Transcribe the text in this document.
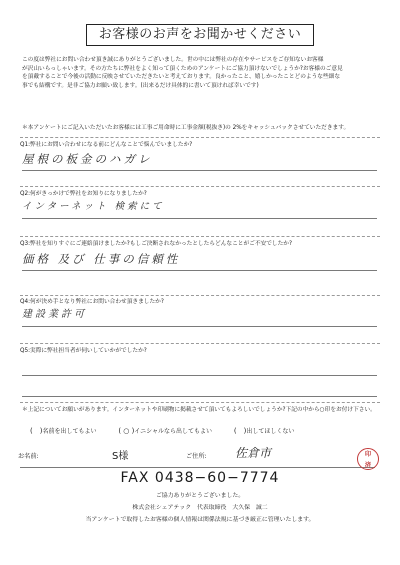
お客様のお声をお聞かせください

この度は弊社にお問い合わせ頂き誠にありがとうございました。世の中には弊社の存在やサービスをご存知ないお客様

が沢山いらっしゃいます。その方たちに弊社をよく知って頂くためのアンケートにご協力頂けないでしょうか?お客様のご意見

を頂戴することで今後の活動に反映させていただきたいと考えております。良かったこと、嬉しかったことどのような些細な

事でも結構です。是非ご協力お願い致します。(出来るだけ具体的に書いて頂ければ幸いです)

＊本アンケートにご記入いただいたお客様には工事ご用命時に工事金額(税抜き)の 2%をキャッシュバックさせていただきます。
Q1:弊社にお問い合わせになる前にどんなことで悩んでいましたか?
屋根の板金のハガレ
Q2:何がきっかけで弊社をお知りになりましたか?
インターネット 検索にて
Q3:弊社を知りすぐにご連絡頂けましたか?もしご決断されなかったとしたらどんなことがご不安でしたか?
価格 及び 仕事の信頼性
Q4:何が決め手となり弊社にお問い合わせ頂きましたか?
建設業許可
Q5:実際に弊社担当者が伺いしていかがでしたか?
＊上記についてお願いがあります。インターネットや印刷物に掲載させて頂いてもよろしいでしょうか?下記の中から○印をお付け下さい。
(　)名前を出してもよい	( ○ )イニシャルなら出してもよい	(　)出してほしくない
お名前:	S様	ご住所: 佐倉市	印
済
FAX 0438−60−7774
ご協力ありがとうございました。
株式会社シェアテック　代表取締役　大久保　誠二
当アンケートで取得したお客様の個人情報は関係法規に基づき厳正に管理いたします。
